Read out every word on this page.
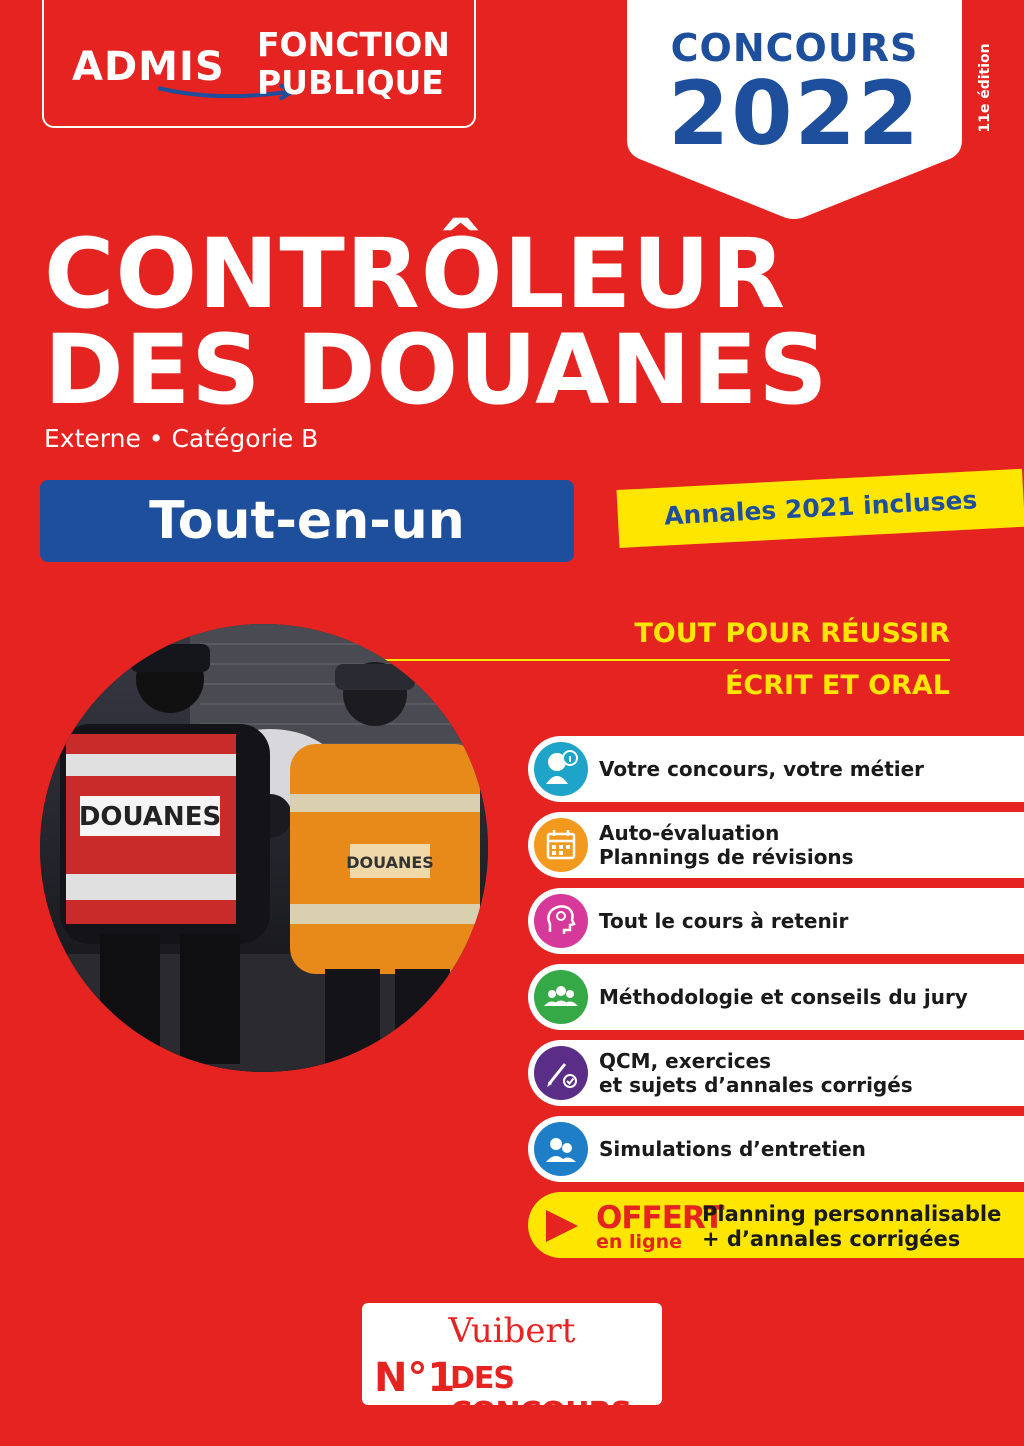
ADMIS FONCTION
PUBLIQUE
CONCOURS
2022	11e édition
CONTRÔLEUR
DES DOUANES
Externe • Catégorie B
Tout-en-un	Annales 2021 incluses
TOUT POUR RÉUSSIR
ÉCRIT ET ORAL
DOUANES
DOUANES
Votre concours, votre métier
Auto-évaluation
Plannings de révisions
Tout le cours à retenir
Méthodologie et conseils du jury
QCM, exercices
et sujets d’annales corrigés
Simulations d’entretien
OFFERT
en ligne
Planning personnalisable
+ d’annales corrigées
Vuibert
N°1
DES CONCOURS
